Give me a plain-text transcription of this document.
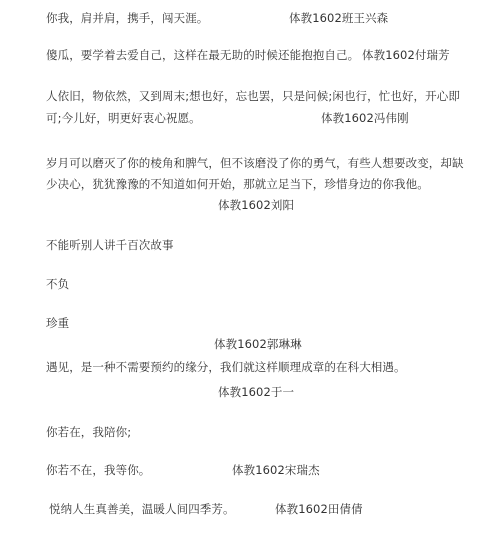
你我，肩并肩，携手，闯天涯。	体教1602班王兴森
傻瓜，要学着去爱自己，这样在最无助的时候还能抱抱自己。 体教1602付瑞芳
人依旧，物依然，又到周末;想也好，忘也罢，只是问候;闲也行，忙也好，开心即
可;今儿好，明更好衷心祝愿。	体教1602冯伟刚
岁月可以磨灭了你的棱角和脾气，但不该磨没了你的勇气，有些人想要改变，却缺
少决心，犹犹豫豫的不知道如何开始，那就立足当下，珍惜身边的你我他。
体教1602刘阳
不能听别人讲千百次故事
不负
珍重
体教1602郭琳琳
遇见，是一种不需要预约的缘分，我们就这样顺理成章的在科大相遇。
体教1602于一
你若在，我陪你;
你若不在，我等你。	体教1602宋瑞杰
悦纳人生真善美，温暖人间四季芳。	体教1602田倩倩
